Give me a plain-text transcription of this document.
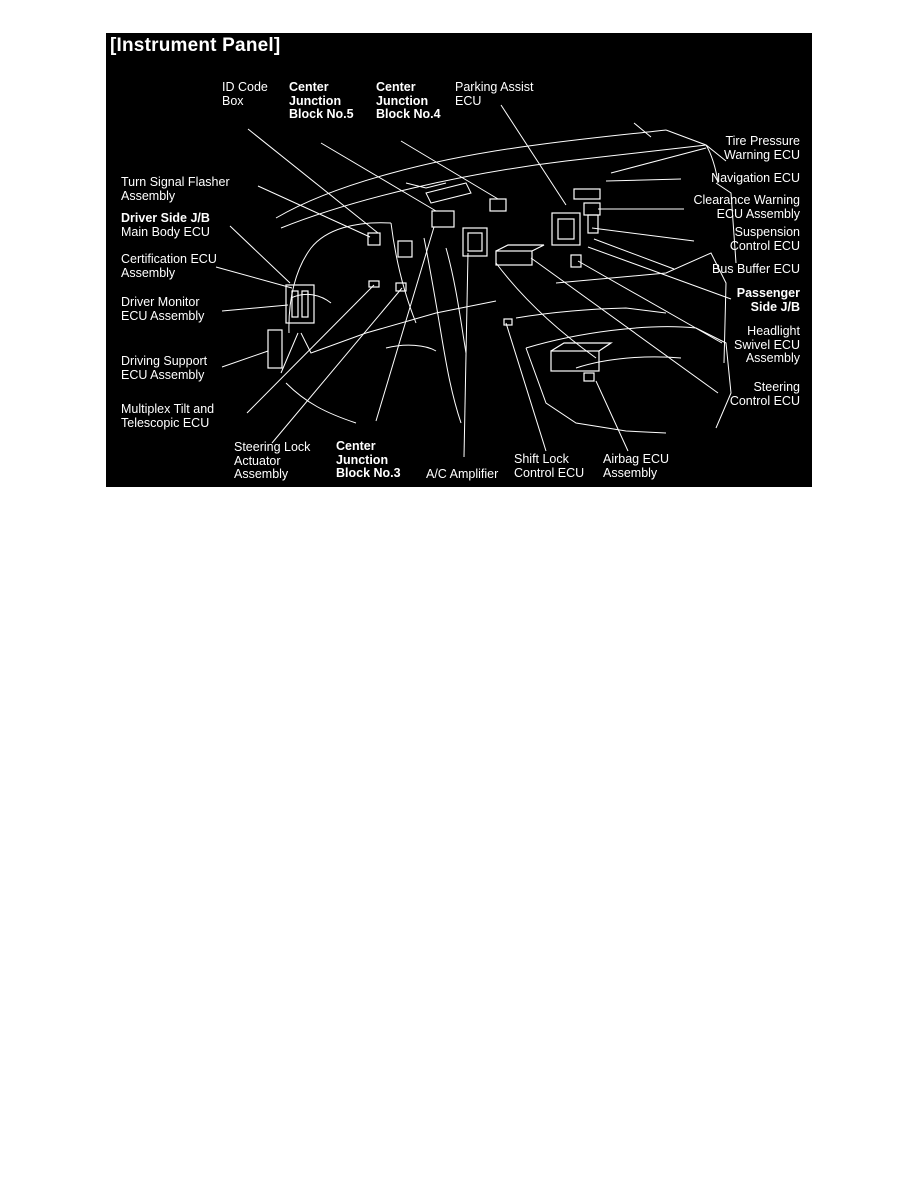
[Instrument Panel]
ID Code
Box
Center
Junction
Block No.5
Center
Junction
Block No.4
Parking Assist
ECU
Tire Pressure
Warning ECU
Navigation ECU
Clearance Warning
ECU Assembly
Suspension
Control ECU
Bus Buffer ECU
Passenger
Side J/B
Headlight
Swivel ECU
Assembly
Steering
Control ECU
Airbag ECU
Assembly
Shift Lock
Control ECU
A/C Amplifier
Center
Junction
Block No.3
Steering Lock
Actuator
Assembly
Multiplex Tilt and
Telescopic ECU
Driving Support
ECU Assembly
Driver Monitor
ECU Assembly
Certification ECU
Assembly
Driver Side J/B
Main Body ECU
Turn Signal Flasher
Assembly
